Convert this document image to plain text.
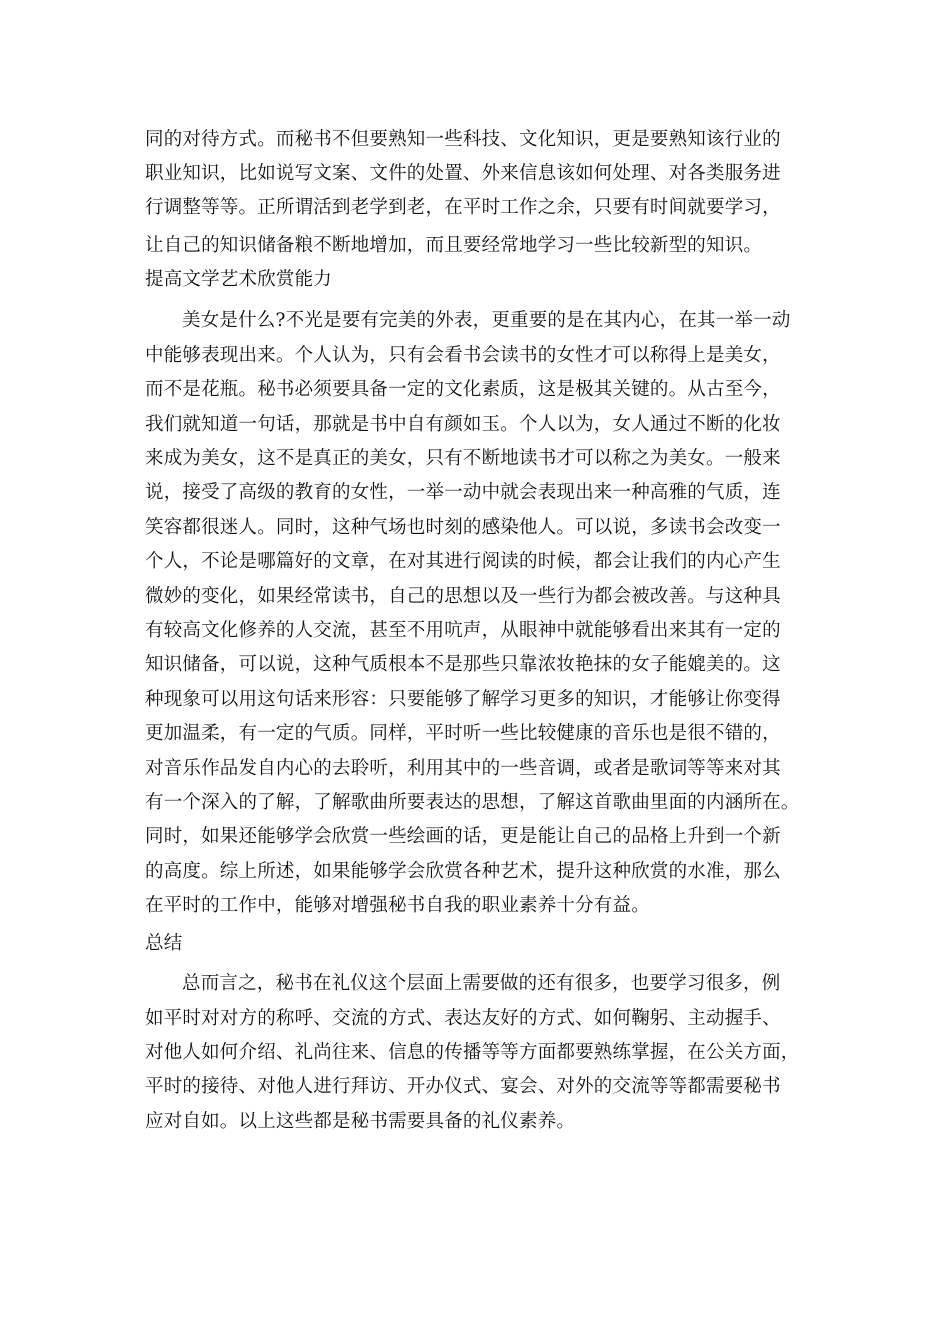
同的对待方式。而秘书不但要熟知一些科技、文化知识，更是要熟知该行业的
职业知识，比如说写文案、文件的处置、外来信息该如何处理、对各类服务进
行调整等等。正所谓活到老学到老，在平时工作之余，只要有时间就要学习，
让自己的知识储备粮不断地增加，而且要经常地学习一些比较新型的知识。
提高文学艺术欣赏能力
美女是什么?不光是要有完美的外表，更重要的是在其内心，在其一举一动
中能够表现出来。个人认为，只有会看书会读书的女性才可以称得上是美女，
而不是花瓶。秘书必须要具备一定的文化素质，这是极其关键的。从古至今，
我们就知道一句话，那就是书中自有颜如玉。个人以为，女人通过不断的化妆
来成为美女，这不是真正的美女，只有不断地读书才可以称之为美女。一般来
说，接受了高级的教育的女性，一举一动中就会表现出来一种高雅的气质，连
笑容都很迷人。同时，这种气场也时刻的感染他人。可以说，多读书会改变一
个人，不论是哪篇好的文章，在对其进行阅读的时候，都会让我们的内心产生
微妙的变化，如果经常读书，自己的思想以及一些行为都会被改善。与这种具
有较高文化修养的人交流，甚至不用吭声，从眼神中就能够看出来其有一定的
知识储备，可以说，这种气质根本不是那些只靠浓妆艳抹的女子能媲美的。这
种现象可以用这句话来形容：只要能够了解学习更多的知识，才能够让你变得
更加温柔，有一定的气质。同样，平时听一些比较健康的音乐也是很不错的，
对音乐作品发自内心的去聆听，利用其中的一些音调，或者是歌词等等来对其
有一个深入的了解，了解歌曲所要表达的思想，了解这首歌曲里面的内涵所在。
同时，如果还能够学会欣赏一些绘画的话，更是能让自己的品格上升到一个新
的高度。综上所述，如果能够学会欣赏各种艺术，提升这种欣赏的水准，那么
在平时的工作中，能够对增强秘书自我的职业素养十分有益。
总结
总而言之，秘书在礼仪这个层面上需要做的还有很多，也要学习很多，例
如平时对对方的称呼、交流的方式、表达友好的方式、如何鞠躬、主动握手、
对他人如何介绍、礼尚往来、信息的传播等等方面都要熟练掌握，在公关方面，
平时的接待、对他人进行拜访、开办仪式、宴会、对外的交流等等都需要秘书
应对自如。以上这些都是秘书需要具备的礼仪素养。
